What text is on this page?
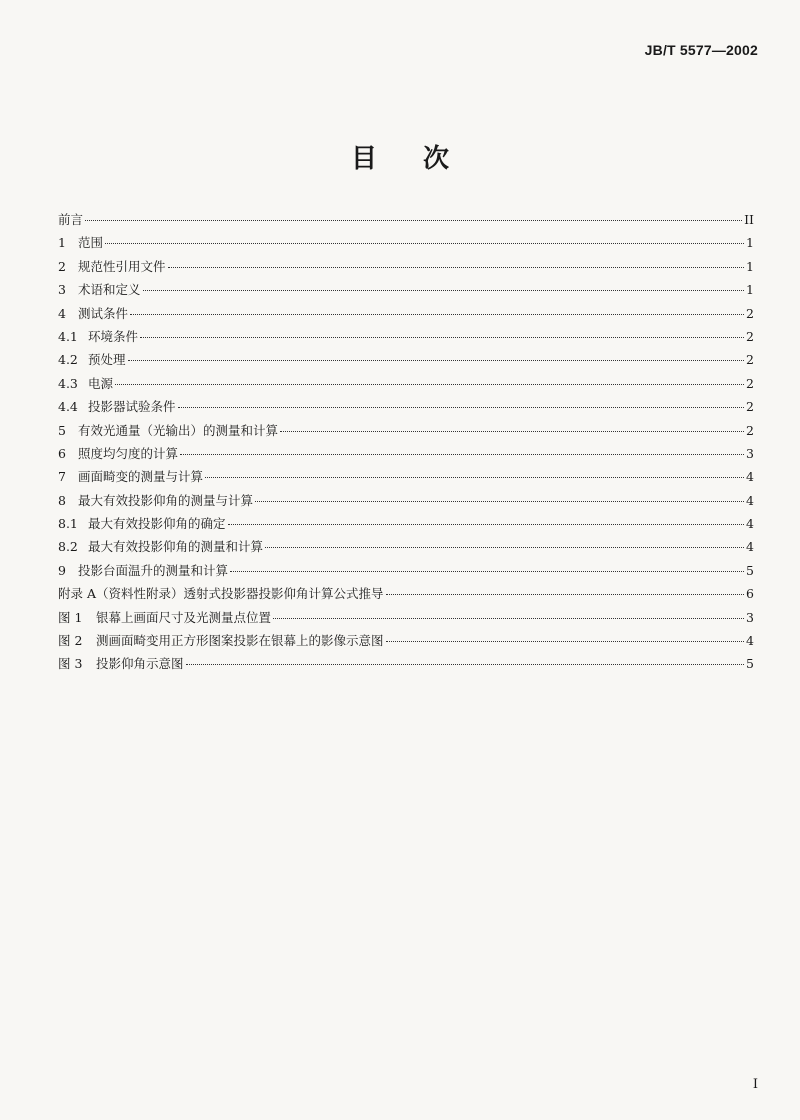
JB/T 5577—2002
目次
前言	II
1 范围	1
2 规范性引用文件	1
3 术语和定义	1
4 测试条件	2
4.1 环境条件	2
4.2 预处理	2
4.3 电源	2
4.4 投影器试验条件	2
5 有效光通量（光输出）的测量和计算	2
6 照度均匀度的计算	3
7 画面畸变的测量与计算	4
8 最大有效投影仰角的测量与计算	4
8.1 最大有效投影仰角的确定	4
8.2 最大有效投影仰角的测量和计算	4
9 投影台面温升的测量和计算	5
附录 A（资料性附录）透射式投影器投影仰角计算公式推导	6
图 1	银幕上画面尺寸及光测量点位置	3
图 2	测画面畸变用正方形图案投影在银幕上的影像示意图	4
图 3	投影仰角示意图	5
I
